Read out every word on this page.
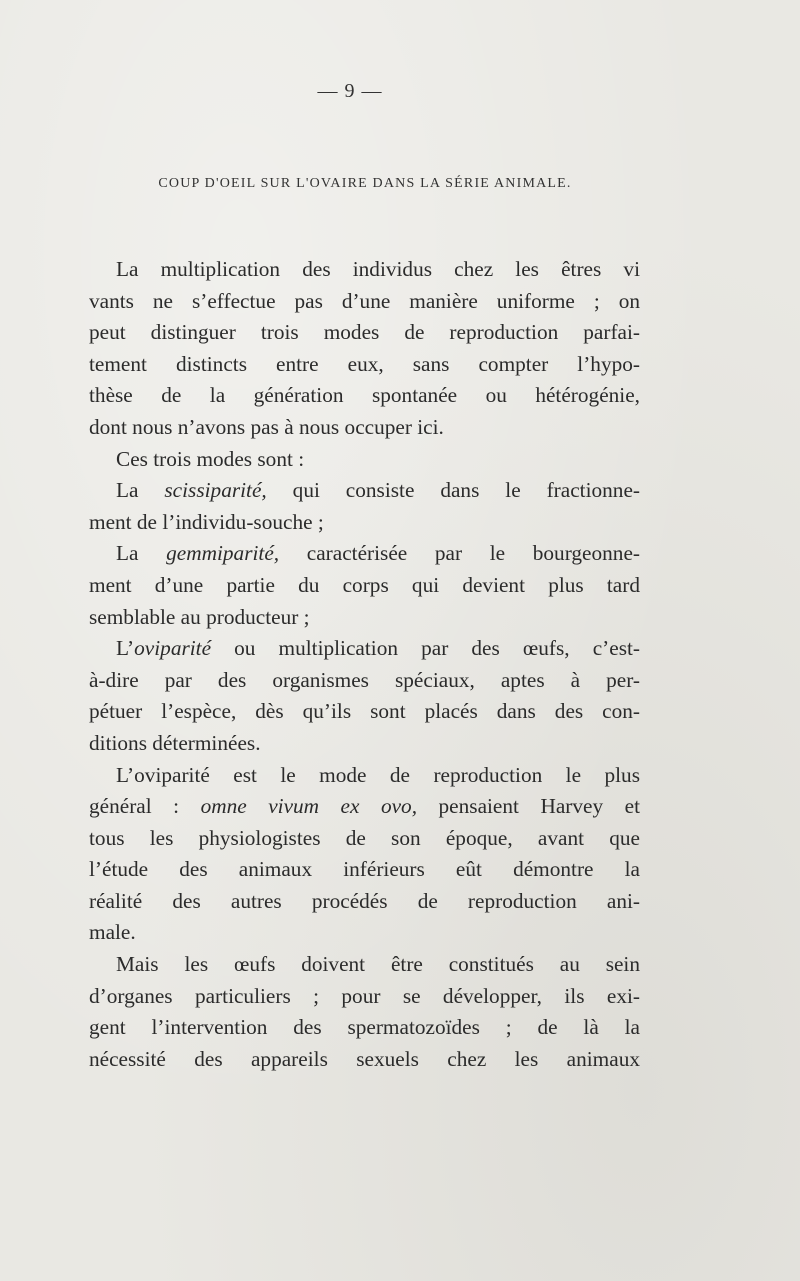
— 9 —
COUP D'OEIL SUR L'OVAIRE DANS LA SÉRIE ANIMALE.
La multiplication des individus chez les êtres vi
vants ne s’effectue pas d’une manière uniforme ; on
peut distinguer trois modes de reproduction parfai-
tement distincts entre eux, sans compter l’hypo-
thèse de la génération spontanée ou hétérogénie,
dont nous n’avons pas à nous occuper ici.
Ces trois modes sont :
La scissiparité, qui consiste dans le fractionne-
ment de l’individu-souche ;
La gemmiparité, caractérisée par le bourgeonne-
ment d’une partie du corps qui devient plus tard
semblable au producteur ;
L’oviparité ou multiplication par des œufs, c’est-
à-dire par des organismes spéciaux, aptes à per-
pétuer l’espèce, dès qu’ils sont placés dans des con-
ditions déterminées.
L’oviparité est le mode de reproduction le plus
général : omne vivum ex ovo, pensaient Harvey et
tous les physiologistes de son époque, avant que
l’étude des animaux inférieurs eût démontre la
réalité des autres procédés de reproduction ani-
male.
Mais les œufs doivent être constitués au sein
d’organes particuliers ; pour se développer, ils exi-
gent l’intervention des spermatozoïdes ; de là la
nécessité des appareils sexuels chez les animaux
